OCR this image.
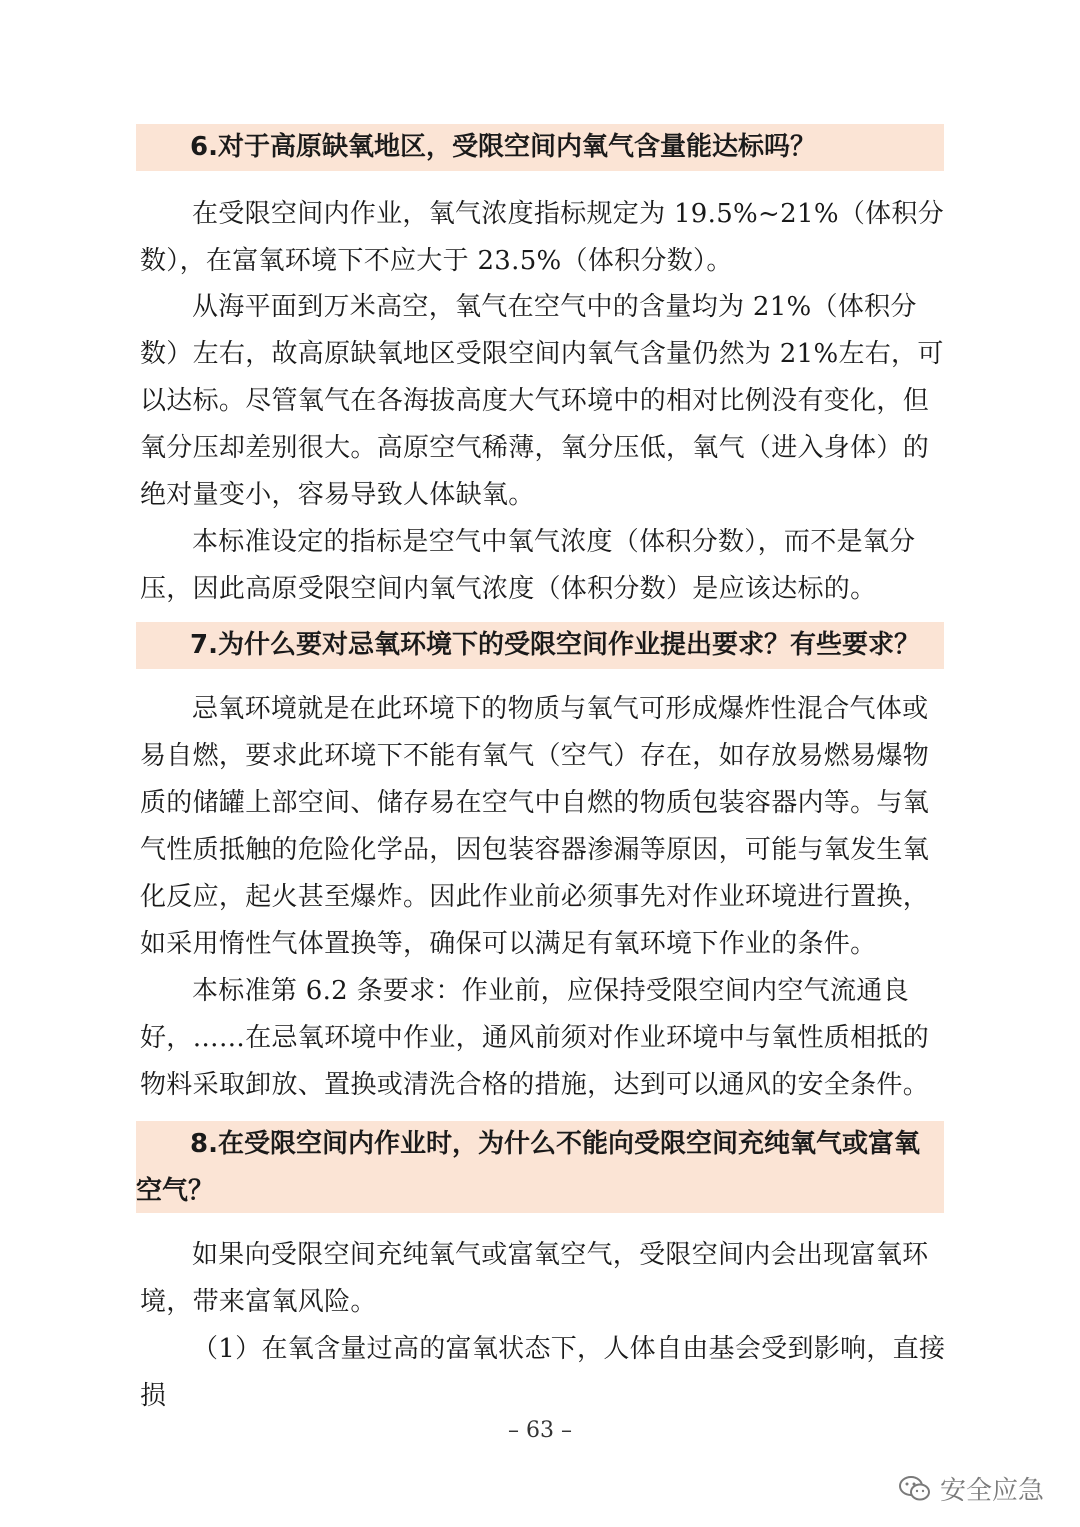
6.对于高原缺氧地区，受限空间内氧气含量能达标吗？

在受限空间内作业，氧气浓度指标规定为 19.5%~21%（体积分数），在富氧环境下不应大于 23.5%（体积分数）。

从海平面到万米高空，氧气在空气中的含量均为 21%（体积分数）左右，故高原缺氧地区受限空间内氧气含量仍然为 21%左右，可以达标。尽管氧气在各海拔高度大气环境中的相对比例没有变化，但氧分压却差别很大。高原空气稀薄，氧分压低，氧气（进入身体）的绝对量变小，容易导致人体缺氧。

本标准设定的指标是空气中氧气浓度（体积分数），而不是氧分压，因此高原受限空间内氧气浓度（体积分数）是应该达标的。

7.为什么要对忌氧环境下的受限空间作业提出要求？有些要求？

忌氧环境就是在此环境下的物质与氧气可形成爆炸性混合气体或易自燃，要求此环境下不能有氧气（空气）存在，如存放易燃易爆物质的储罐上部空间、储存易在空气中自燃的物质包装容器内等。与氧气性质抵触的危险化学品，因包装容器渗漏等原因，可能与氧发生氧化反应，起火甚至爆炸。因此作业前必须事先对作业环境进行置换，如采用惰性气体置换等，确保可以满足有氧环境下作业的条件。

本标准第 6.2 条要求：作业前，应保持受限空间内空气流通良好，……在忌氧环境中作业，通风前须对作业环境中与氧性质相抵的物料采取卸放、置换或清洗合格的措施，达到可以通风的安全条件。

8.在受限空间内作业时，为什么不能向受限空间充纯氧气或富氧空气？

如果向受限空间充纯氧气或富氧空气，受限空间内会出现富氧环境，带来富氧风险。

（1）在氧含量过高的富氧状态下，人体自由基会受到影响，直接损

– 63 –
安全应急
